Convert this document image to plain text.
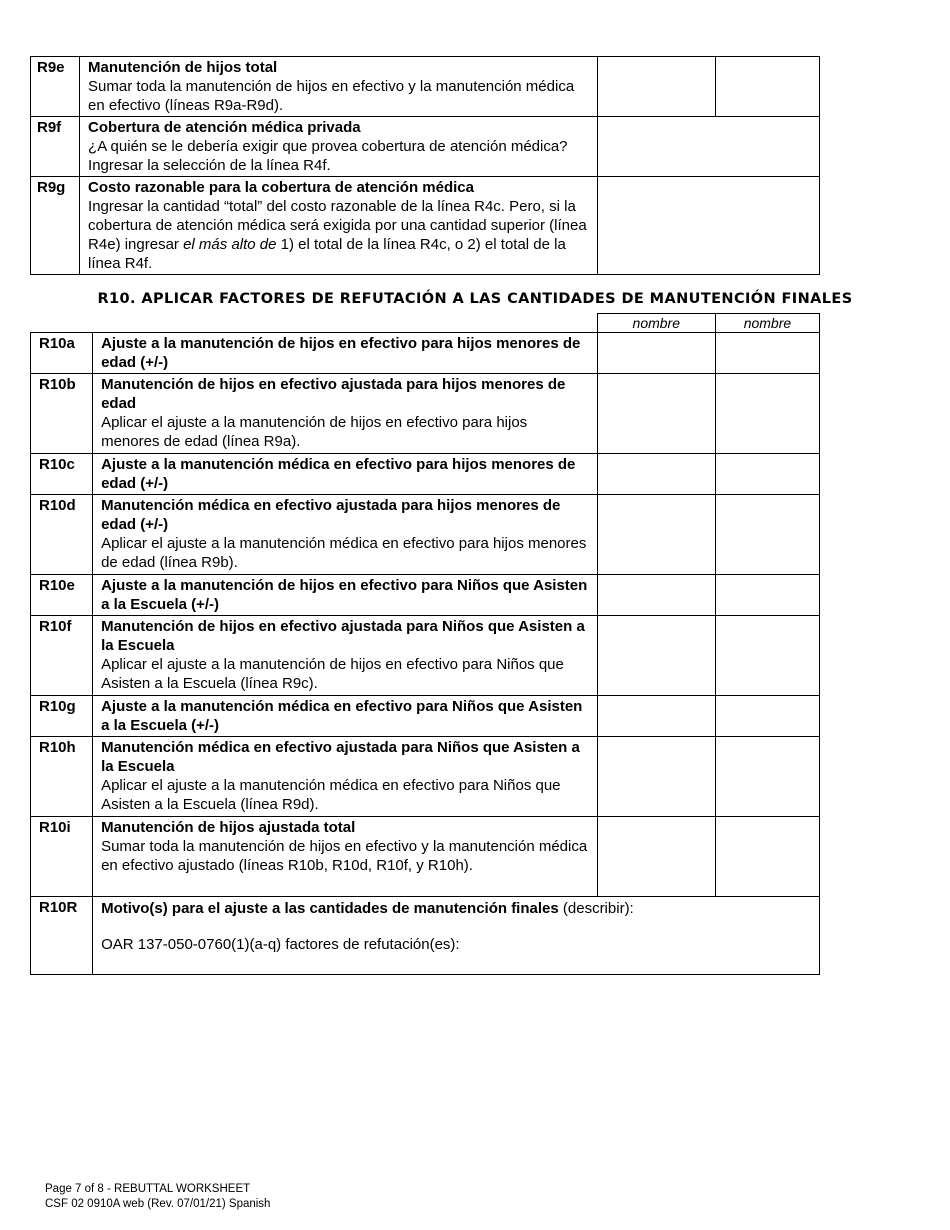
R9e	Manutención de hijos total
Sumar toda la manutención de hijos en efectivo y la manutención médica en efectivo (líneas R9a-R9d).		

R9f	Cobertura de atención médica privada
¿A quién se le debería exigir que provea cobertura de atención médica? Ingresar la selección de la línea R4f.		

R9g	Costo razonable para la cobertura de atención médica
Ingresar la cantidad “total” del costo razonable de la línea R4c. Pero, si la cobertura de atención médica será exigida por una cantidad superior (línea R4e) ingresar el más alto de 1) el total de la línea R4c, o 2) el total de la línea R4f.		

R10. APLICAR FACTORES DE REFUTACIÓN A LAS CANTIDADES DE MANUTENCIÓN FINALES
		nombre	nombre
R10a	Ajuste a la manutención de hijos en efectivo para hijos menores de edad (+/-)		

R10b	Manutención de hijos en efectivo ajustada para hijos menores de edad
Aplicar el ajuste a la manutención de hijos en efectivo para hijos menores de edad (línea R9a).		

R10c	Ajuste a la manutención médica en efectivo para hijos menores de edad (+/-)		

R10d	Manutención médica en efectivo ajustada para hijos menores de edad (+/-)
Aplicar el ajuste a la manutención médica en efectivo para hijos menores de edad (línea R9b).		

R10e	Ajuste a la manutención de hijos en efectivo para Niños que Asisten a la Escuela (+/-)		

R10f	Manutención de hijos en efectivo ajustada para Niños que Asisten a la Escuela
Aplicar el ajuste a la manutención de hijos en efectivo para Niños que Asisten a la Escuela (línea R9c).		

R10g	Ajuste a la manutención médica en efectivo para Niños que Asisten a la Escuela (+/-)		

R10h	Manutención médica en efectivo ajustada para Niños que Asisten a la Escuela
Aplicar el ajuste a la manutención médica en efectivo para Niños que Asisten a la Escuela (línea R9d).		

R10i	Manutención de hijos ajustada total
Sumar toda la manutención de hijos en efectivo y la manutención médica en efectivo ajustado (líneas R10b, R10d, R10f, y R10h).		

R10R	Motivo(s) para el ajuste a las cantidades de manutención finales (describir):
OAR 137-050-0760(1)(a-q) factores de refutación(es):		
Page 7 of 8 - REBUTTAL WORKSHEET
CSF 02 0910A web (Rev. 07/01/21) Spanish
